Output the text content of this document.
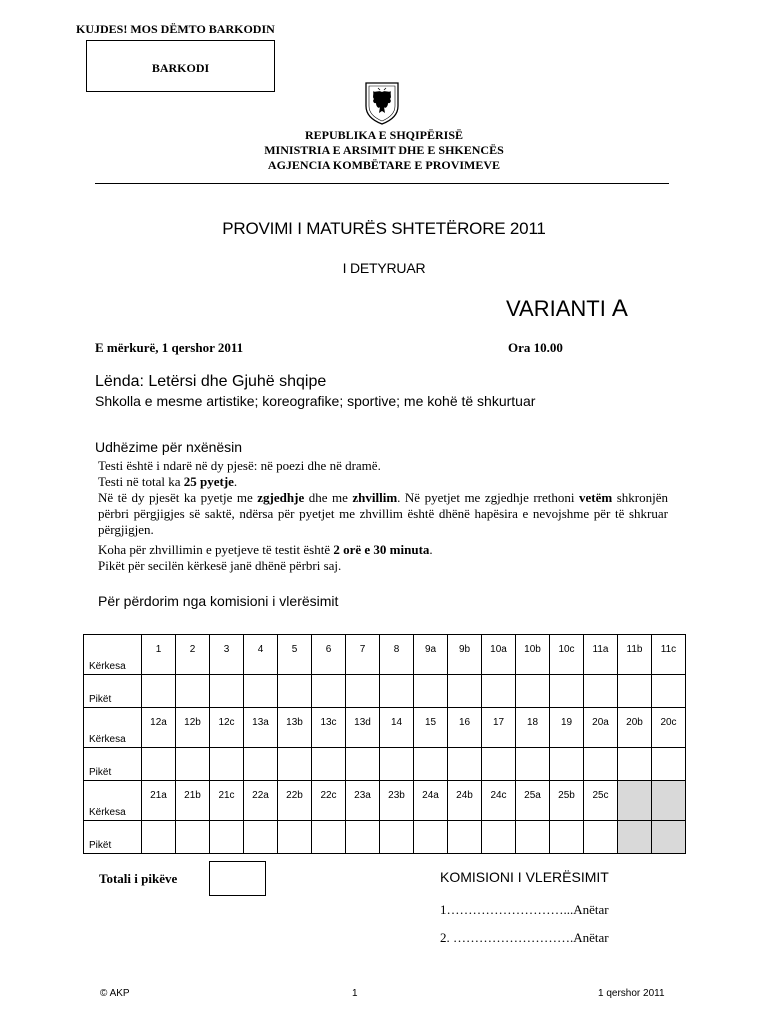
KUJDES! MOS DËMTO BARKODIN
BARKODI
REPUBLIKA E SHQIPËRISË
MINISTRIA E ARSIMIT DHE E SHKENCËS
AGJENCIA KOMBËTARE E PROVIMEVE
PROVIMI I MATURËS SHTETËRORE 2011
I DETYRUAR
VARIANTI A
E mërkurë, 1 qershor 2011	Ora 10.00
Lënda: Letërsi dhe Gjuhë shqipe
Shkolla e mesme artistike; koreografike; sportive; me kohë të shkurtuar
Udhëzime për nxënësin
Testi është i ndarë në dy pjesë: në poezi dhe në dramë.
Testi në total ka 25 pyetje.
Në të dy pjesët ka pyetje me zgjedhje dhe me zhvillim. Në pyetjet me zgjedhje rrethoni vetëm shkronjën përbri përgjigjes së saktë, ndërsa për pyetjet me zhvillim është dhënë hapësira e nevojshme për të shkruar përgjigjen.
Koha për zhvillimin e pyetjeve të testit është 2 orë e 30 minuta.
Pikët për secilën kërkesë janë dhënë përbri saj.
Për përdorim nga komisioni i vlerësimit
Kërkesa	1	2	3	4	5	6	7	8	9a	9b	10a	10b	10c	11a	11b	11c
Pikët																
Kërkesa	12a	12b	12c	13a	13b	13c	13d	14	15	16	17	18	19	20a	20b	20c
Pikët																
Kërkesa	21a	21b	21c	22a	22b	22c	23a	23b	24a	24b	24c	25a	25b	25c		
Pikët																
Totali i pikëve	KOMISIONI I VLERËSIMIT
1………………………...Anëtar
2. ……………………….Anëtar
© AKP	1	1 qershor 2011
